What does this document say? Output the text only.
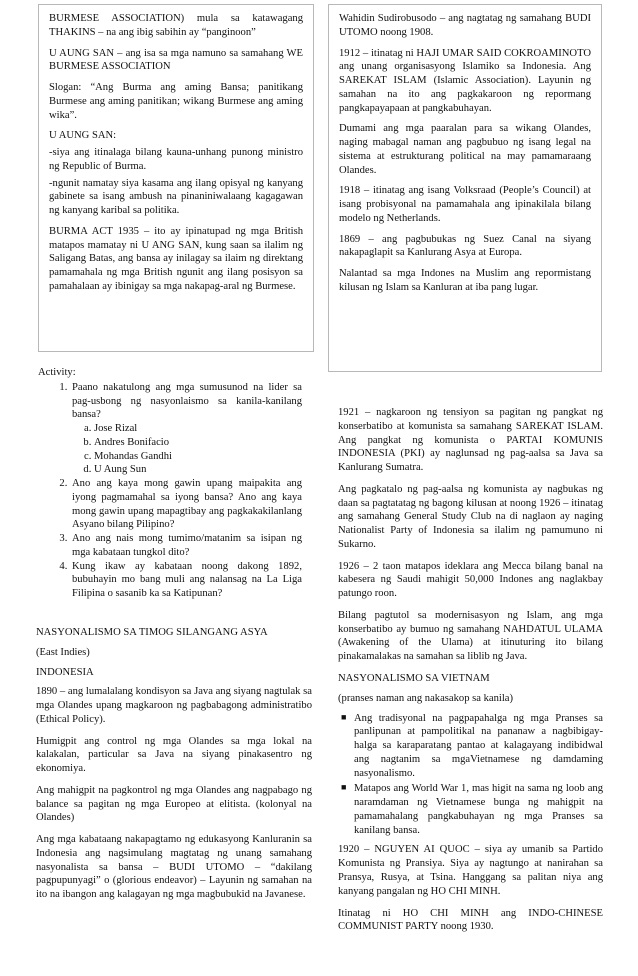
BURMESE ASSOCIATION) mula sa katawagang THAKINS – na ang ibig sabihin ay “panginoon”

U AUNG SAN – ang isa sa mga namuno sa samahang WE BURMESE ASSOCIATION

Slogan: “Ang Burma ang aming Bansa; panitikang Burmese ang aming panitikan; wikang Burmese ang aming wika”.

U AUNG SAN:

-siya ang itinalaga bilang kauna-unhang punong ministro ng Republic of Burma.

-ngunit namatay siya kasama ang ilang opisyal ng kanyang gabinete sa isang ambush na pinaniniwalaang kagagawan ng kanyang karibal sa politika.

BURMA ACT 1935 – ito ay ipinatupad ng mga British matapos mamatay ni U ANG SAN, kung saan sa ilalim ng Saligang Batas, ang bansa ay inilagay sa ilaim ng direktang pamamahala ng mga British ngunit ang ilang posisyon sa pamahalaan ay ibinigay sa mga nakapag-aral ng Burmese.

Activity:

1. Paano nakatulong ang mga sumusunod na lider sa pag-usbong ng nasyonlaismo sa kanila-kanilang bansa?
a. Jose Rizal
b. Andres Bonifacio
c. Mohandas Gandhi
d. U Aung Sun
2. Ano ang kaya mong gawin upang maipakita ang iyong pagmamahal sa iyong bansa? Ano ang kaya mong gawin upang mapagtibay ang pagkakakilanlang Asyano bilang Pilipino?
3. Ano ang nais mong tumimo/matanim sa isipan ng mga kabataan tungkol dito?
4. Kung ikaw ay kabataan noong dakong 1892, bubuhayin mo bang muli ang nalansag na La Liga Filipina o sasanib ka sa Katipunan?

NASYONALISMO SA TIMOG SILANGANG ASYA

(East Indies)

INDONESIA

1890 – ang lumalalang kondisyon sa Java ang siyang nagtulak sa mga Olandes upang magkaroon ng pagbabagong administratibo (Ethical Policy).

Humigpit ang control ng mga Olandes sa mga lokal na kalakalan, particular sa Java na siyang pinakasentro ng ekonomiya.

Ang mahigpit na pagkontrol ng mga Olandes ang nagpabago ng balance sa pagitan ng mga Europeo at elitista. (kolonyal na Olandes)

Ang mga kabataang nakapagtamo ng edukasyong Kanluranin sa Indonesia ang nagsimulang magtatag ng unang samahang nasyonalista sa bansa – BUDI UTOMO – “dakilang pagpupunyagi” o (glorious endeavor) – Layunin ng samahan na ito na ibangon ang kalagayan ng mga magbubukid na Javanese.

Wahidin Sudirobusodo – ang nagtatag ng samahang BUDI UTOMO noong 1908.

1912 – itinatag ni HAJI UMAR SAID COKROAMINOTO ang unang organisasyong Islamiko sa Indonesia. Ang SAREKAT ISLAM (Islamic Association). Layunin ng samahan na ito ang pagkakaroon ng repormang pangkapayapaan at pangkabuhayan.

Dumami ang mga paaralan para sa wikang Olandes, naging mabagal naman ang pagbubuo ng isang legal na sistema at estrukturang political na may pamamaraang Olandes.

1918 – itinatag ang isang Volksraad (People’s Council) at isang probisyonal na pamamahala ang ipinakilala bilang modelo ng Netherlands.

1869 – ang pagbubukas ng Suez Canal na siyang nakapaglapit sa Kanlurang Asya at Europa.

Nalantad sa mga Indones na Muslim ang repormistang kilusan ng Islam sa Kanluran at iba pang lugar.

1921 – nagkaroon ng tensiyon sa pagitan ng pangkat ng konserbatibo at komunista sa samahang SAREKAT ISLAM. Ang pangkat ng komunista o PARTAI KOMUNIS INDONESIA (PKI) ay naglunsad ng pag-aalsa sa Java sa Kanlurang Sumatra.

Ang pagkatalo ng pag-aalsa ng komunista ay nagbukas ng daan sa pagtatatag ng bagong kilusan at noong 1926 – itinatag ang samahang General Study Club na di naglaon ay naging Nationalist Party of Indonesia sa ilalim ng pamumuno ni Sukarno.

1926 – 2 taon matapos ideklara ang Mecca bilang banal na kabesera ng Saudi mahigit 50,000 Indones ang naglakbay patungo roon.

Bilang pagtutol sa modernisasyon ng Islam, ang mga konserbatibo ay bumuo ng samahang NAHDATUL ULAMA (Awakening of the Ulama) at itinuturing ito bilang pinakamalakas na samahan sa liblib ng Java.

NASYONALISMO SA VIETNAM

(pranses naman ang nakasakop sa kanila)

■ Ang tradisyonal na pagpapahalga ng mga Pranses sa panlipunan at pampolitikal na pananaw a nagbibigay-halga sa karaparatang pantao at kalagayang indibidwal ang nagtanim sa mgaVietnamese ng damdaming nasyonalismo.
■ Matapos ang World War 1, mas higit na sama ng loob ang naramdaman ng Vietnamese bunga ng mahigpit na pamamahalang pangkabuhayan ng mga Pranses sa kanilang bansa.

1920 – NGUYEN AI QUOC – siya ay umanib sa Partido Komunista ng Pransiya. Siya ay nagtungo at nanirahan sa Pransya, Rusya, at Tsina. Hanggang sa palitan niya ang kanyang pangalan ng HO CHI MINH.

Itinatag ni HO CHI MINH ang INDO-CHINESE COMMUNIST PARTY noong 1930.
